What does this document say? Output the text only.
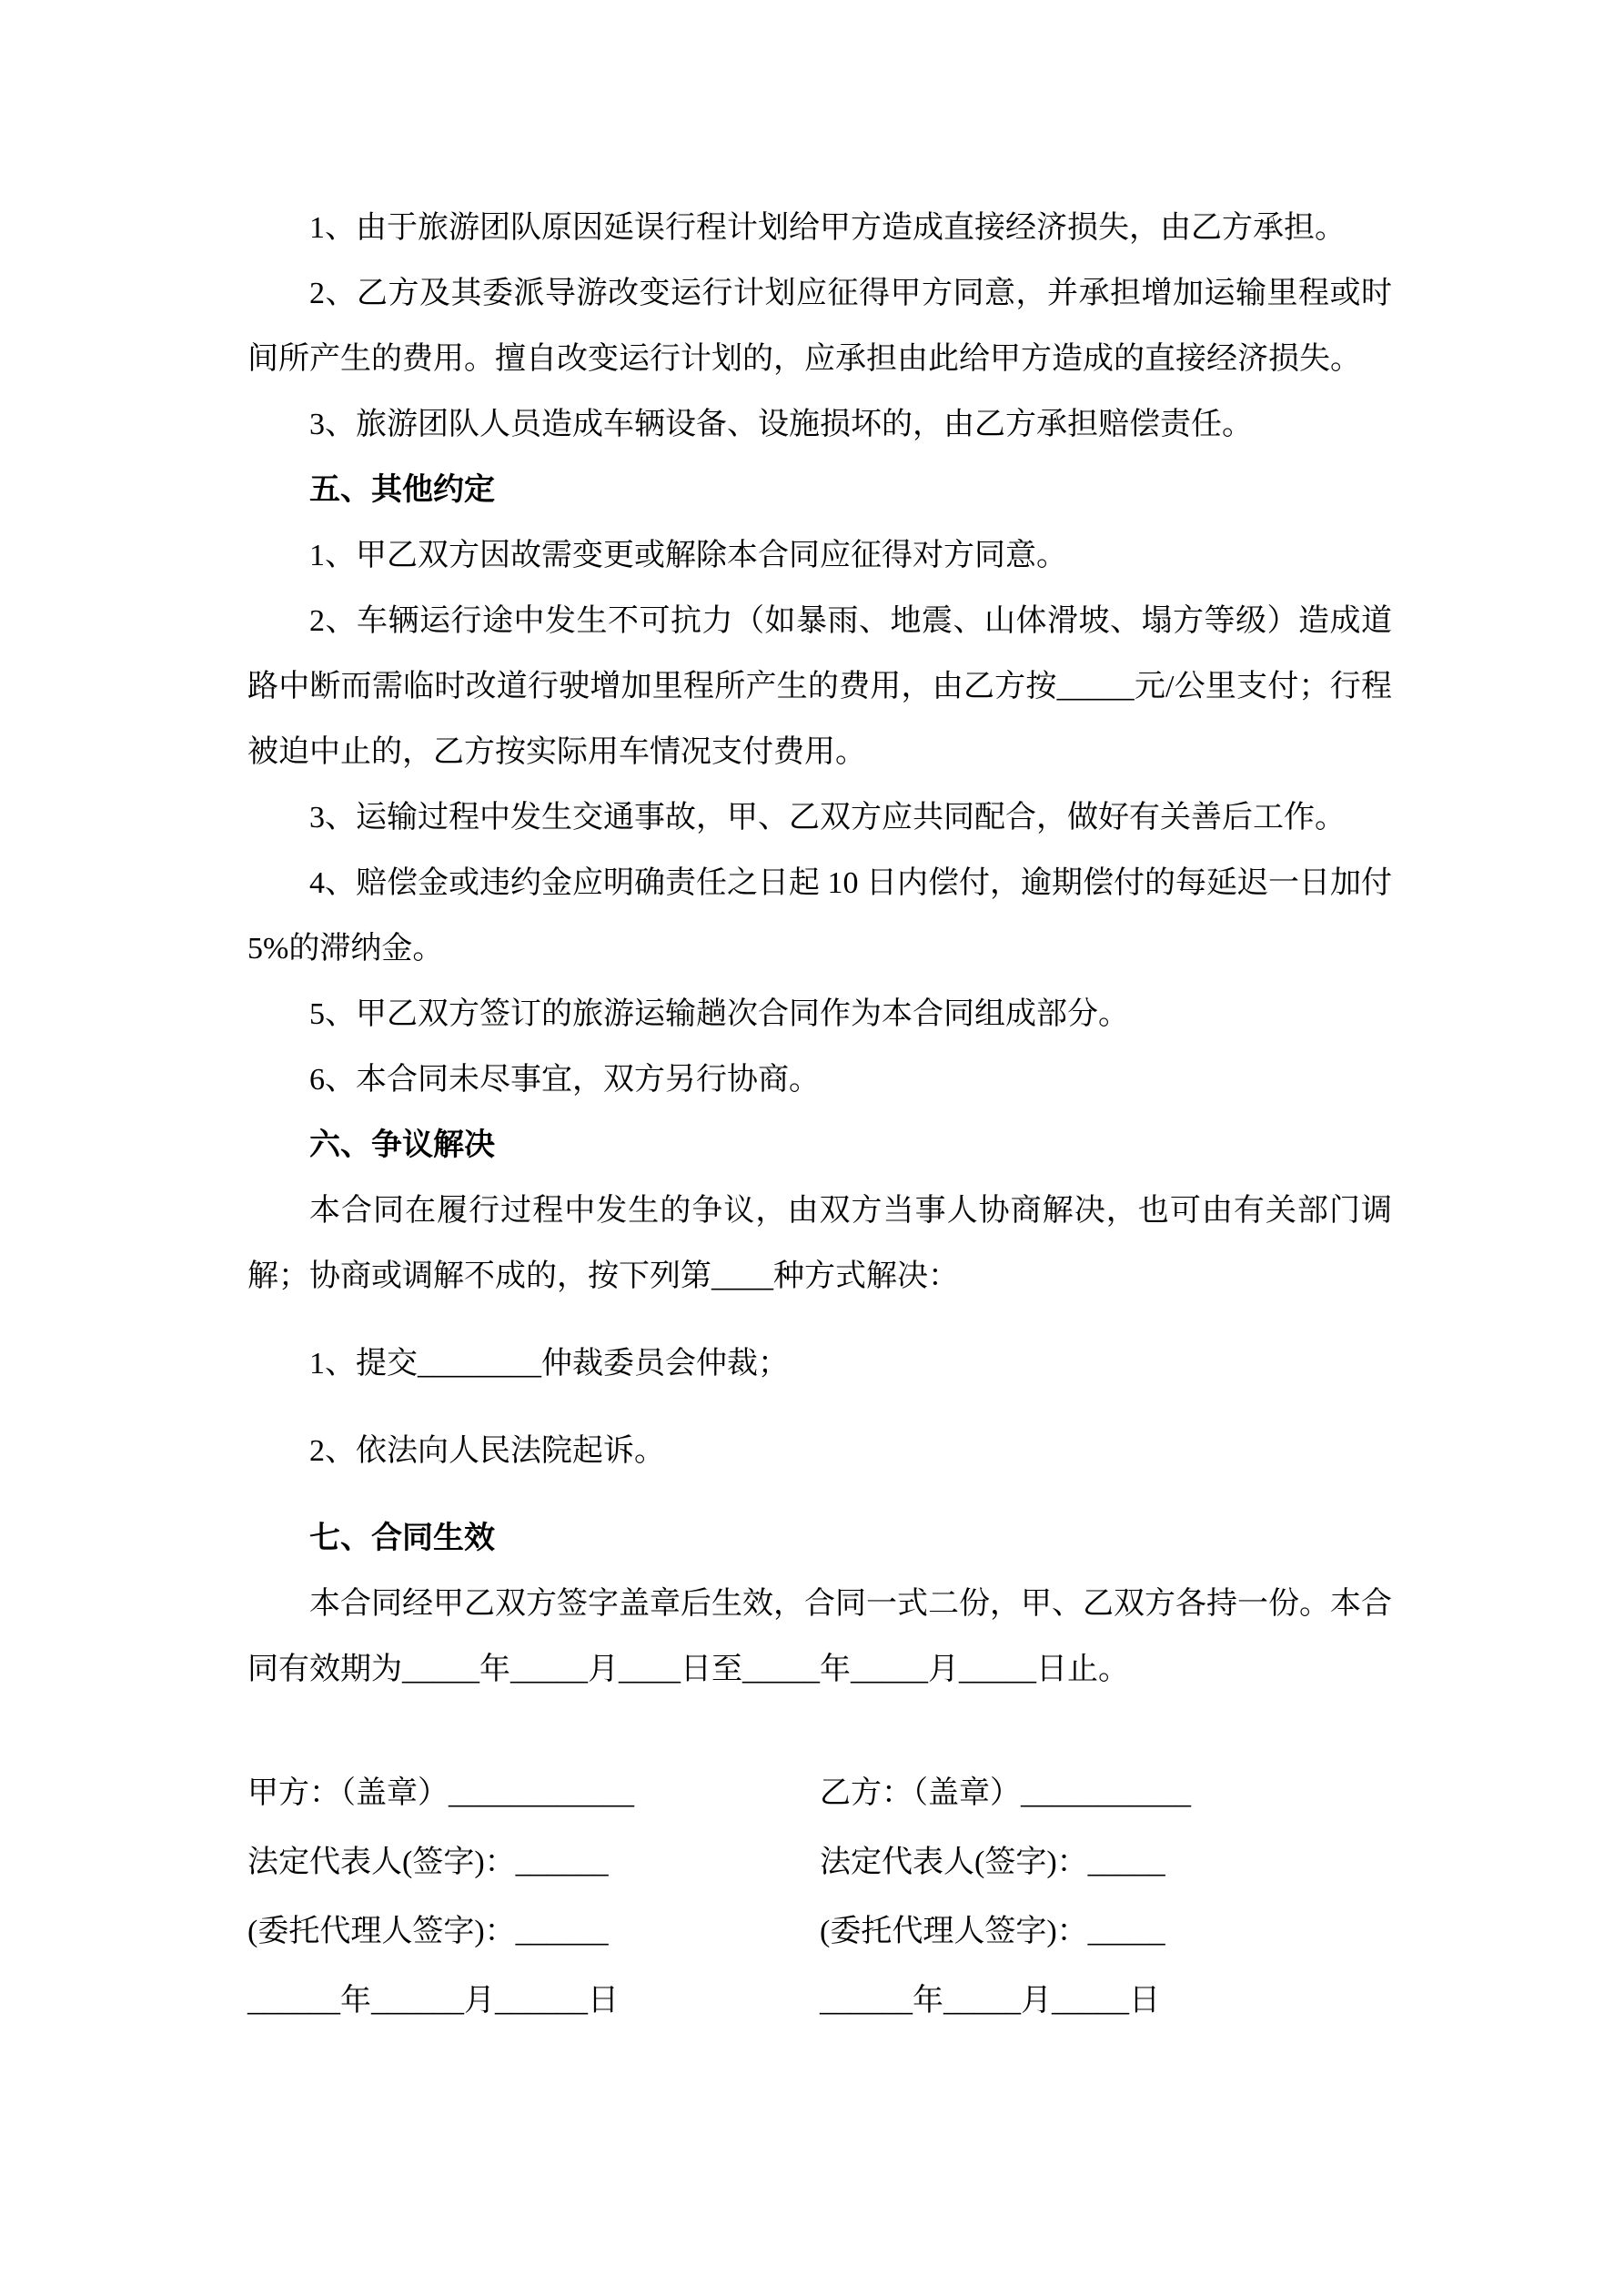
1、由于旅游团队原因延误行程计划给甲方造成直接经济损失，由乙方承担。

2、乙方及其委派导游改变运行计划应征得甲方同意，并承担增加运输里程或时间所产生的费用。擅自改变运行计划的，应承担由此给甲方造成的直接经济损失。

3、旅游团队人员造成车辆设备、设施损坏的，由乙方承担赔偿责任。

五、其他约定

1、甲乙双方因故需变更或解除本合同应征得对方同意。

2、车辆运行途中发生不可抗力（如暴雨、地震、山体滑坡、塌方等级）造成道路中断而需临时改道行驶增加里程所产生的费用，由乙方按_____元/公里支付；行程被迫中止的，乙方按实际用车情况支付费用。

3、运输过程中发生交通事故，甲、乙双方应共同配合，做好有关善后工作。

4、赔偿金或违约金应明确责任之日起 10 日内偿付，逾期偿付的每延迟一日加付 5%的滞纳金。

5、甲乙双方签订的旅游运输趟次合同作为本合同组成部分。

6、本合同未尽事宜，双方另行协商。

六、争议解决

本合同在履行过程中发生的争议，由双方当事人协商解决，也可由有关部门调解；协商或调解不成的，按下列第____种方式解决：

1、提交________仲裁委员会仲裁；

2、依法向人民法院起诉。

七、合同生效

本合同经甲乙双方签字盖章后生效，合同一式二份，甲、乙双方各持一份。本合同有效期为_____年_____月____日至_____年_____月_____日止。

甲方：（盖章）____________

法定代表人(签字)：______

(委托代理人签字)：______

______年______月______日

乙方：（盖章）___________

法定代表人(签字)：_____

(委托代理人签字)：_____

______年_____月_____日
